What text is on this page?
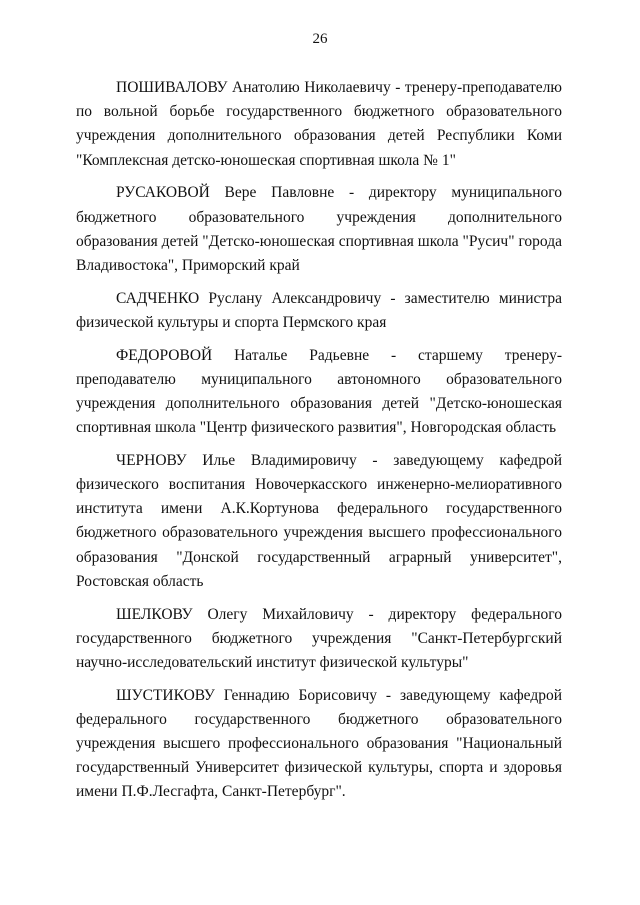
26

ПОШИВАЛОВУ Анатолию Николаевичу - тренеру-преподавателю по вольной борьбе государственного бюджетного образовательного учреждения дополнительного образования детей Республики Коми "Комплексная детско-юношеская спортивная школа № 1"

РУСАКОВОЙ Вере Павловне - директору муниципального бюджетного образовательного учреждения дополнительного образования детей "Детско-юношеская спортивная школа "Русич" города Владивостока", Приморский край

САДЧЕНКО Руслану Александровичу - заместителю министра физической культуры и спорта Пермского края

ФЕДОРОВОЙ Наталье Радьевне - старшему тренеру-преподавателю муниципального автономного образовательного учреждения дополнительного образования детей "Детско-юношеская спортивная школа "Центр физического развития", Новгородская область

ЧЕРНОВУ Илье Владимировичу - заведующему кафедрой физического воспитания Новочеркасского инженерно-мелиоративного института имени А.К.Кортунова федерального государственного бюджетного образовательного учреждения высшего профессионального образования "Донской государственный аграрный университет", Ростовская область

ШЕЛКОВУ Олегу Михайловичу - директору федерального государственного бюджетного учреждения "Санкт-Петербургский научно-исследовательский институт физической культуры"

ШУСТИКОВУ Геннадию Борисовичу - заведующему кафедрой федерального государственного бюджетного образовательного учреждения высшего профессионального образования "Национальный государственный Университет физической культуры, спорта и здоровья имени П.Ф.Лесгафта, Санкт-Петербург".
